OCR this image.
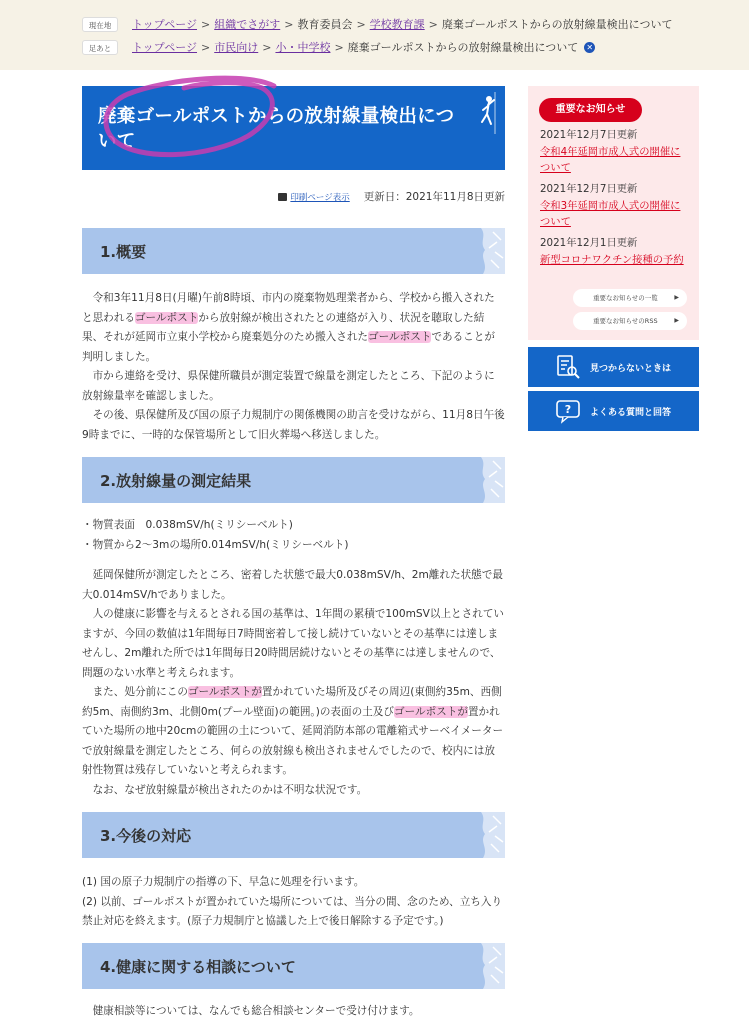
現在地	トップページ > 組織でさがす > 教育委員会 > 学校教育課 > 廃棄ゴールポストからの放射線量検出について
足あと	トップページ > 市民向け > 小・中学校 > 廃棄ゴールポストからの放射線量検出について ✕
廃棄ゴールポストからの放射線量検出について
印刷ページ表示 更新日：2021年11月8日更新
1.概要

令和3年11月8日(月曜)午前8時頃、市内の廃棄物処理業者から、学校から搬入されたと思われるゴールポストから放射線が検出されたとの連絡が入り、状況を聴取した結果、それが延岡市立東小学校から廃棄処分のため搬入されたゴールポストであることが判明しました。

市から連絡を受け、県保健所職員が測定装置で線量を測定したところ、下記のように放射線量率を確認しました。

その後、県保健所及び国の原子力規制庁の関係機関の助言を受けながら、11月8日午後9時までに、一時的な保管場所として旧火葬場へ移送しました。

2.放射線量の測定結果

・物質表面　0.038mSV/h(ミリシーベルト)

・物質から2〜3mの場所0.014mSV/h(ミリシーベルト)

延岡保健所が測定したところ、密着した状態で最大0.038mSV/h、2m離れた状態で最大0.014mSV/hでありました。

人の健康に影響を与えるとされる国の基準は、1年間の累積で100mSV以上とされていますが、今回の数値は1年間毎日7時間密着して接し続けていないとその基準には達しませんし、2m離れた所では1年間毎日20時間居続けないとその基準には達しませんので、問題のない水準と考えられます。

また、処分前にこのゴールポストが置かれていた場所及びその周辺(東側約35m、西側約5m、南側約3m、北側0m(プール壁面)の範囲。)の表面の土及びゴールポストが置かれていた場所の地中20cmの範囲の土について、延岡消防本部の電離箱式サーベイメーターで放射線量を測定したところ、何らの放射線も検出されませんでしたので、校内には放射性物質は残存していないと考えられます。

なお、なぜ放射線量が検出されたのかは不明な状況です。

3.今後の対応

(1) 国の原子力規制庁の指導の下、早急に処理を行います。

(2) 以前、ゴールポストが置かれていた場所については、当分の間、念のため、立ち入り禁止対応を終えます。(原子力規制庁と協議した上で後日解除する予定です。)

4.健康に関する相談について

健康相談等については、なんでも総合相談センターで受け付けます。

重要なお知らせ
2021年12月7日更新
令和4年延岡市成人式の開催について
2021年12月7日更新
令和3年延岡市成人式の開催について
2021年12月1日更新
新型コロナワクチン接種の予約
重要なお知らせの一覧	▶
重要なお知らせのRSS	▶
見つからないときは
? よくある質問と回答
